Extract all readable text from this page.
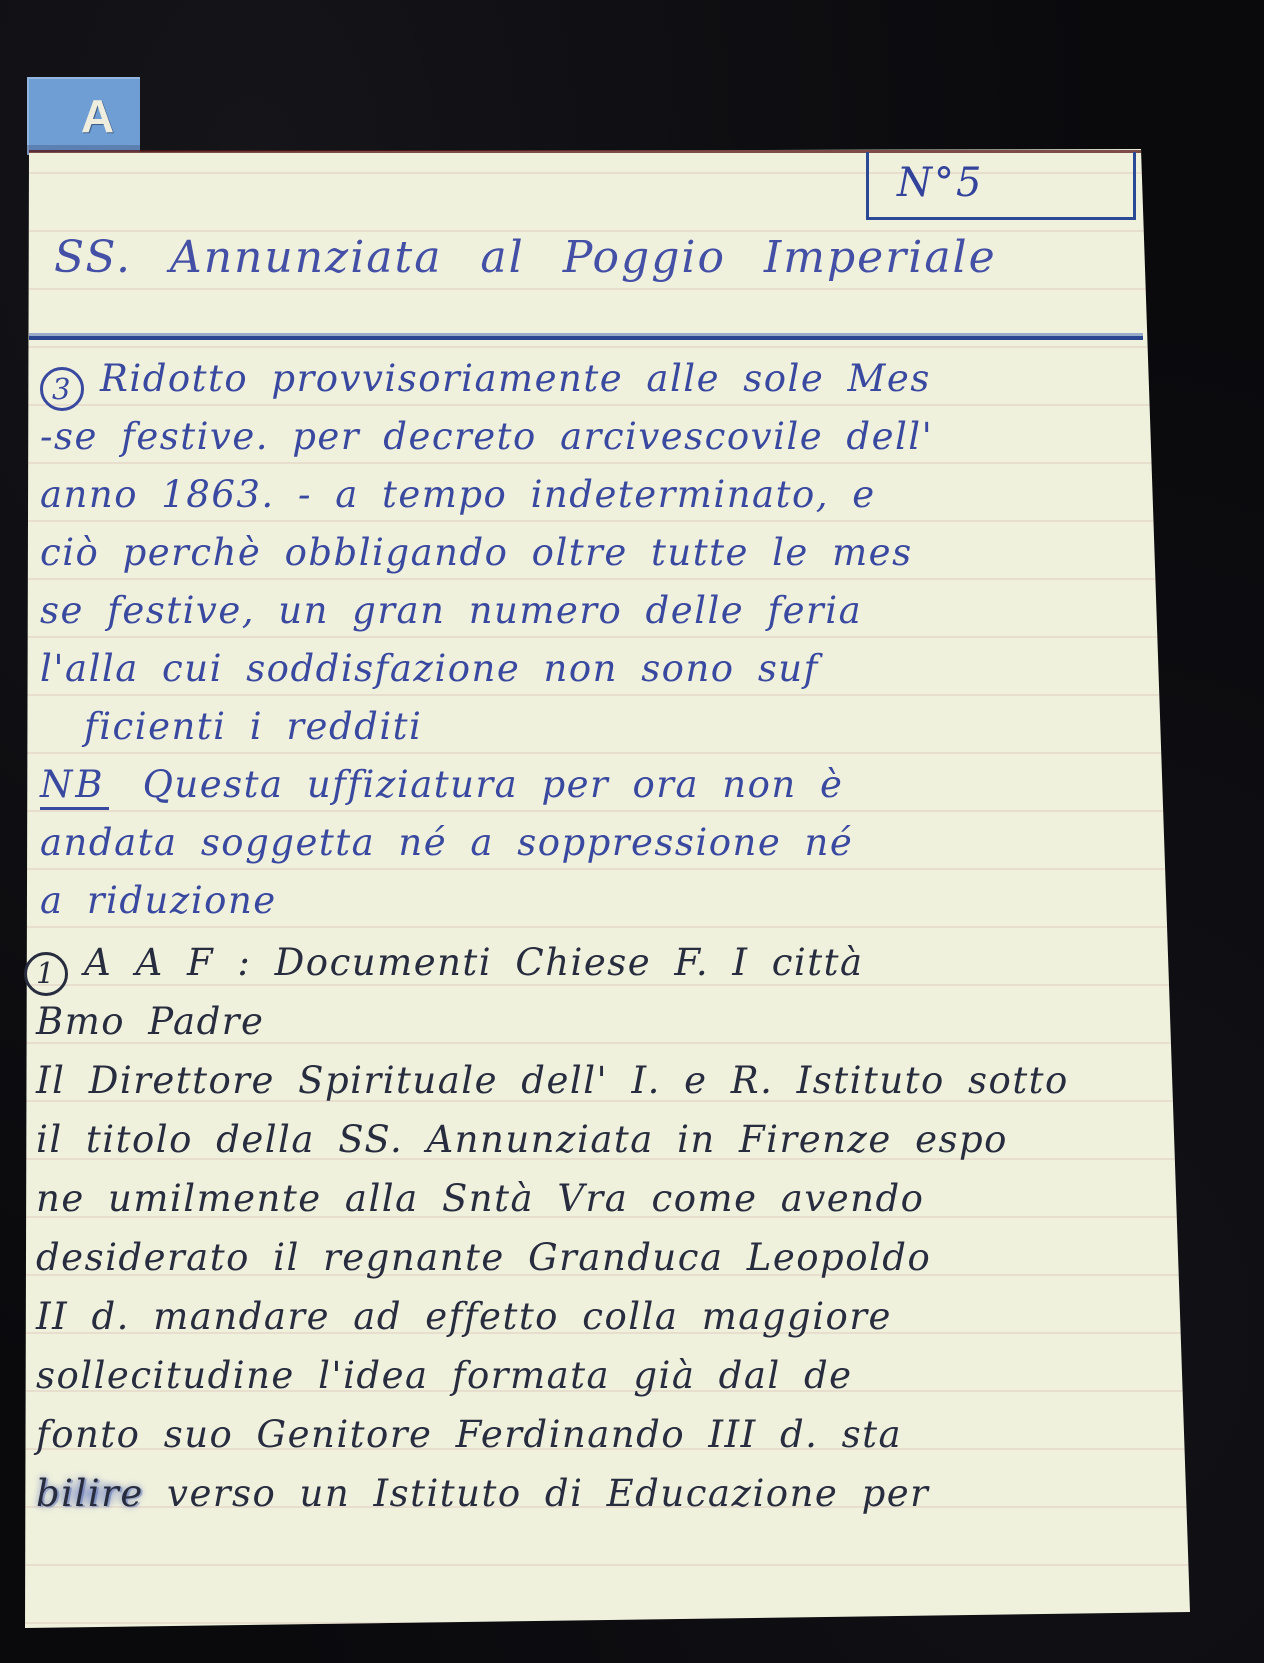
A
N°5
SS. Annunziata al Poggio Imperiale
3 Ridotto provvisoriamente alle sole Mes
-se festive. per decreto arcivescovile dell'
anno 1863. - a tempo indeterminato, e
ciò perchè obbligando oltre tutte le mes
se festive, un gran numero delle feria
l'alla cui soddisfazione non sono suf
ficienti i redditi
NB Questa uffiziatura per ora non è
andata soggetta né a soppressione né
a riduzione
1 A A F : Documenti Chiese F. I città
Bmo Padre
Il Direttore Spirituale dell' I. e R. Istituto sotto
il titolo della SS. Annunziata in Firenze espo
ne umilmente alla Sntà Vra come avendo
desiderato il regnante Granduca Leopoldo
II d. mandare ad effetto colla maggiore
sollecitudine l'idea formata già dal de
fonto suo Genitore Ferdinando III d. sta
bilire verso un Istituto di Educazione per
